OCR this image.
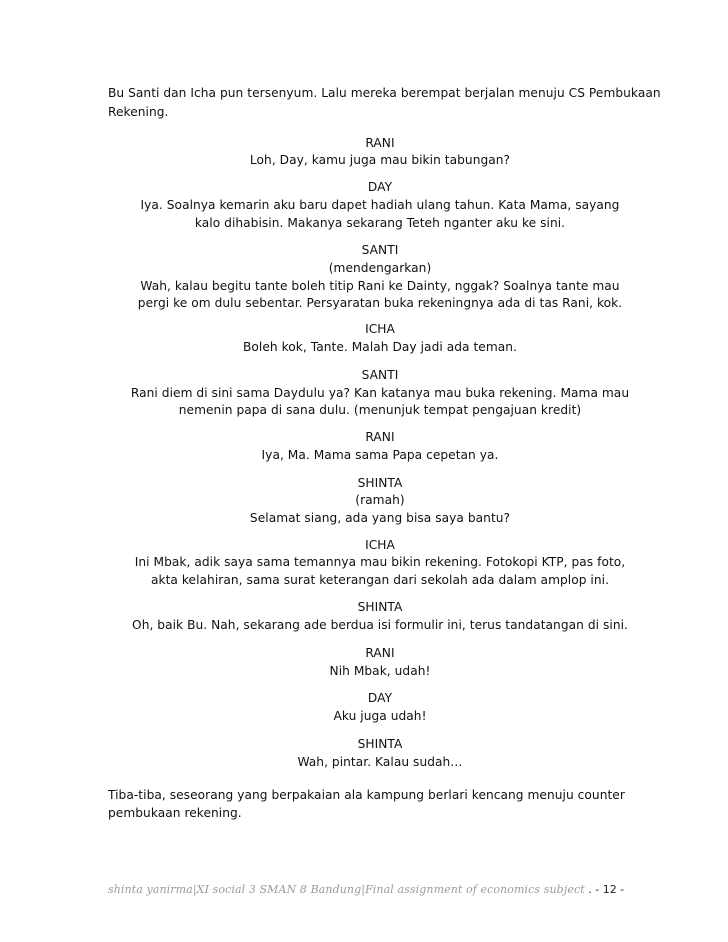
Bu Santi dan Icha pun tersenyum. Lalu mereka berempat berjalan menuju CS Pembukaan
Rekening.
RANI
Loh, Day, kamu juga mau bikin tabungan?
DAY
Iya. Soalnya kemarin aku baru dapet hadiah ulang tahun. Kata Mama, sayang
kalo dihabisin. Makanya sekarang Teteh nganter aku ke sini.
SANTI
(mendengarkan)
Wah, kalau begitu tante boleh titip Rani ke Dainty, nggak? Soalnya tante mau
pergi ke om dulu sebentar. Persyaratan buka rekeningnya ada di tas Rani, kok.
ICHA
Boleh kok, Tante. Malah Day jadi ada teman.
SANTI
Rani diem di sini sama Daydulu ya? Kan katanya mau buka rekening. Mama mau
nemenin papa di sana dulu. (menunjuk tempat pengajuan kredit)
RANI
Iya, Ma. Mama sama Papa cepetan ya.
SHINTA
(ramah)
Selamat siang, ada yang bisa saya bantu?
ICHA
Ini Mbak, adik saya sama temannya mau bikin rekening. Fotokopi KTP, pas foto,
akta kelahiran, sama surat keterangan dari sekolah ada dalam amplop ini.
SHINTA
Oh, baik Bu. Nah, sekarang ade berdua isi formulir ini, terus tandatangan di sini.
RANI
Nih Mbak, udah!
DAY
Aku juga udah!
SHINTA
Wah, pintar. Kalau sudah…
Tiba-tiba, seseorang yang berpakaian ala kampung berlari kencang menuju counter
pembukaan rekening.
shinta yanirma|XI social 3 SMAN 8 Bandung|Final assignment of economics subject . - 12 -
